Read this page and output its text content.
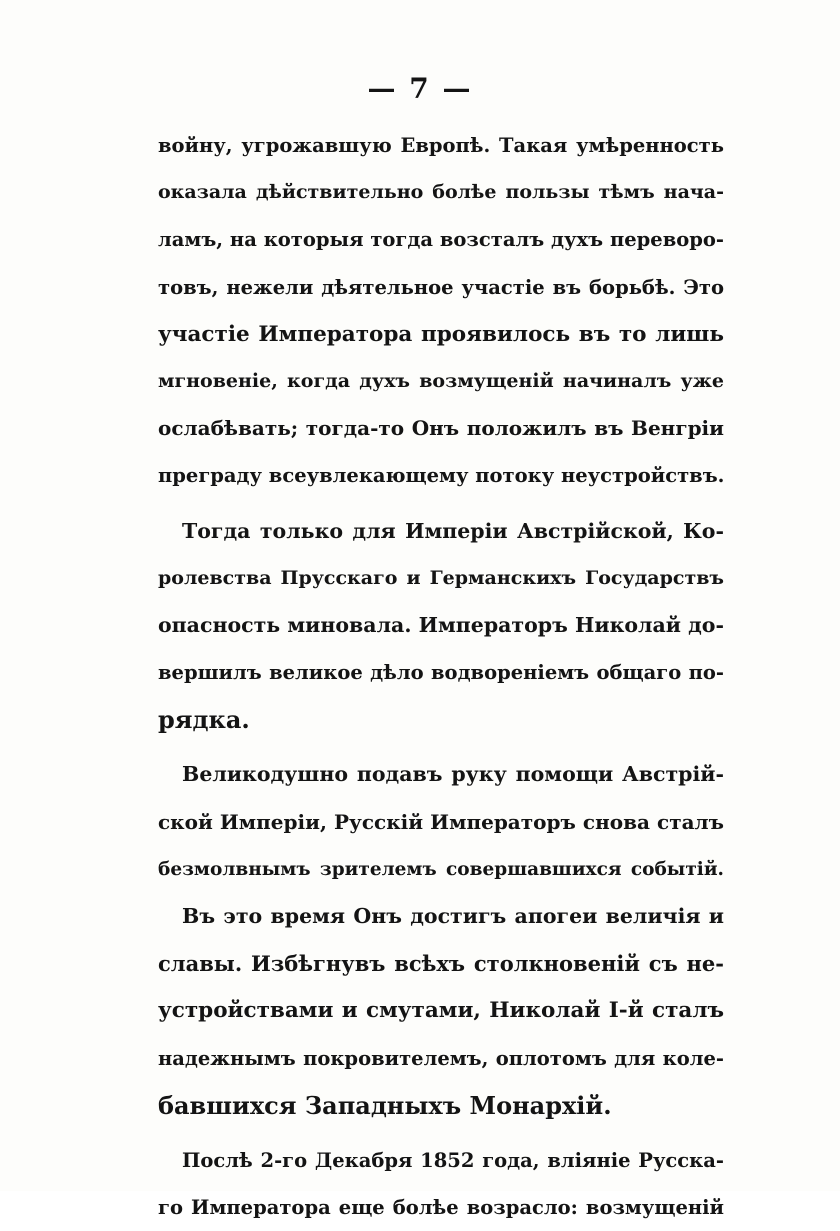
— 7 —
войну, угрожавшую Европѣ. Такая умѣренность
оказала дѣйствительно болѣе пользы тѣмъ нача-
ламъ, на которыя тогда возсталъ духъ переворо-
товъ, нежели дѣятельное участіе въ борьбѣ. Это
участіе Императора проявилось въ то лишь
мгновеніе, когда духъ возмущеній начиналъ уже
ослабѣвать; тогда-то Онъ положилъ въ Венгріи
преграду всеувлекающему потоку неустройствъ.
Тогда только для Имперіи Австрійской, Ко-
ролевства Прусскаго и Германскихъ Государствъ
опасность миновала. Императоръ Николай до-
вершилъ великое дѣло водвореніемъ общаго по-
рядка.
Великодушно подавъ руку помощи Австрій-
ской Имперіи, Русскій Императоръ снова сталъ
безмолвнымъ зрителемъ совершавшихся событій.
Въ это время Онъ достигъ апогеи величія и
славы. Избѣгнувъ всѣхъ столкновеній съ не-
устройствами и смутами, Николай І-й сталъ
надежнымъ покровителемъ, оплотомъ для коле-
бавшихся Западныхъ Монархій.
Послѣ 2-го Декабря 1852 года, вліяніе Русска-
го Императора еще болѣе возрасло: возмущеній
